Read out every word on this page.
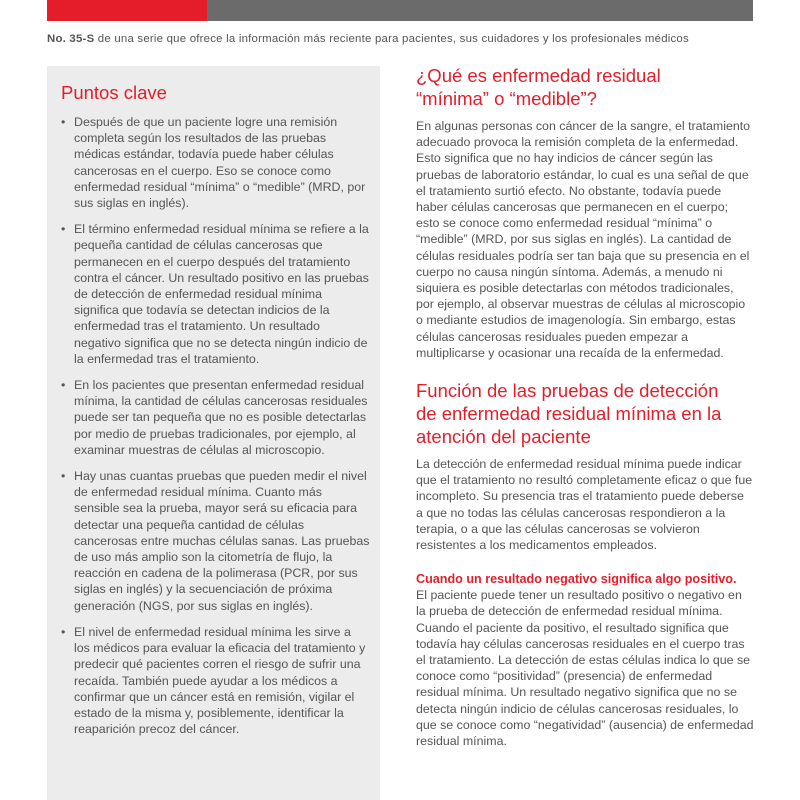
No. 35-S de una serie que ofrece la información más reciente para pacientes, sus cuidadores y los profesionales médicos
Puntos clave
• Después de que un paciente logre una remisión completa según los resultados de las pruebas médicas estándar, todavía puede haber células cancerosas en el cuerpo. Eso se conoce como enfermedad residual “mínima” o “medible” (MRD, por sus siglas en inglés).
• El término enfermedad residual mínima se refiere a la pequeña cantidad de células cancerosas que permanecen en el cuerpo después del tratamiento contra el cáncer. Un resultado positivo en las pruebas de detección de enfermedad residual mínima significa que todavía se detectan indicios de la enfermedad tras el tratamiento. Un resultado negativo significa que no se detecta ningún indicio de la enfermedad tras el tratamiento.
• En los pacientes que presentan enfermedad residual mínima, la cantidad de células cancerosas residuales puede ser tan pequeña que no es posible detectarlas por medio de pruebas tradicionales, por ejemplo, al examinar muestras de células al microscopio.
• Hay unas cuantas pruebas que pueden medir el nivel de enfermedad residual mínima. Cuanto más sensible sea la prueba, mayor será su eficacia para detectar una pequeña cantidad de células cancerosas entre muchas células sanas. Las pruebas de uso más amplio son la citometría de flujo, la reacción en cadena de la polimerasa (PCR, por sus siglas en inglés) y la secuenciación de próxima generación (NGS, por sus siglas en inglés).
• El nivel de enfermedad residual mínima les sirve a los médicos para evaluar la eficacia del tratamiento y predecir qué pacientes corren el riesgo de sufrir una recaída. También puede ayudar a los médicos a confirmar que un cáncer está en remisión, vigilar el estado de la misma y, posiblemente, identificar la reaparición precoz del cáncer.
¿Qué es enfermedad residual
“mínima” o “medible”?

En algunas personas con cáncer de la sangre, el tratamiento adecuado provoca la remisión completa de la enfermedad. Esto significa que no hay indicios de cáncer según las pruebas de laboratorio estándar, lo cual es una señal de que el tratamiento surtió efecto. No obstante, todavía puede haber células cancerosas que permanecen en el cuerpo; esto se conoce como enfermedad residual “mínima” o “medible” (MRD, por sus siglas en inglés). La cantidad de células residuales podría ser tan baja que su presencia en el cuerpo no causa ningún síntoma. Además, a menudo ni siquiera es posible detectarlas con métodos tradicionales, por ejemplo, al observar muestras de células al microscopio o mediante estudios de imagenología. Sin embargo, estas células cancerosas residuales pueden empezar a multiplicarse y ocasionar una recaída de la enfermedad.

Función de las pruebas de detección
de enfermedad residual mínima en la
atención del paciente

La detección de enfermedad residual mínima puede indicar que el tratamiento no resultó completamente eficaz o que fue incompleto. Su presencia tras el tratamiento puede deberse a que no todas las células cancerosas respondieron a la terapia, o a que las células cancerosas se volvieron resistentes a los medicamentos empleados.

Cuando un resultado negativo significa algo positivo.

El paciente puede tener un resultado positivo o negativo en la prueba de detección de enfermedad residual mínima. Cuando el paciente da positivo, el resultado significa que todavía hay células cancerosas residuales en el cuerpo tras el tratamiento. La detección de estas células indica lo que se conoce como “positividad” (presencia) de enfermedad residual mínima. Un resultado negativo significa que no se detecta ningún indicio de células cancerosas residuales, lo que se conoce como “negatividad” (ausencia) de enfermedad residual mínima.
